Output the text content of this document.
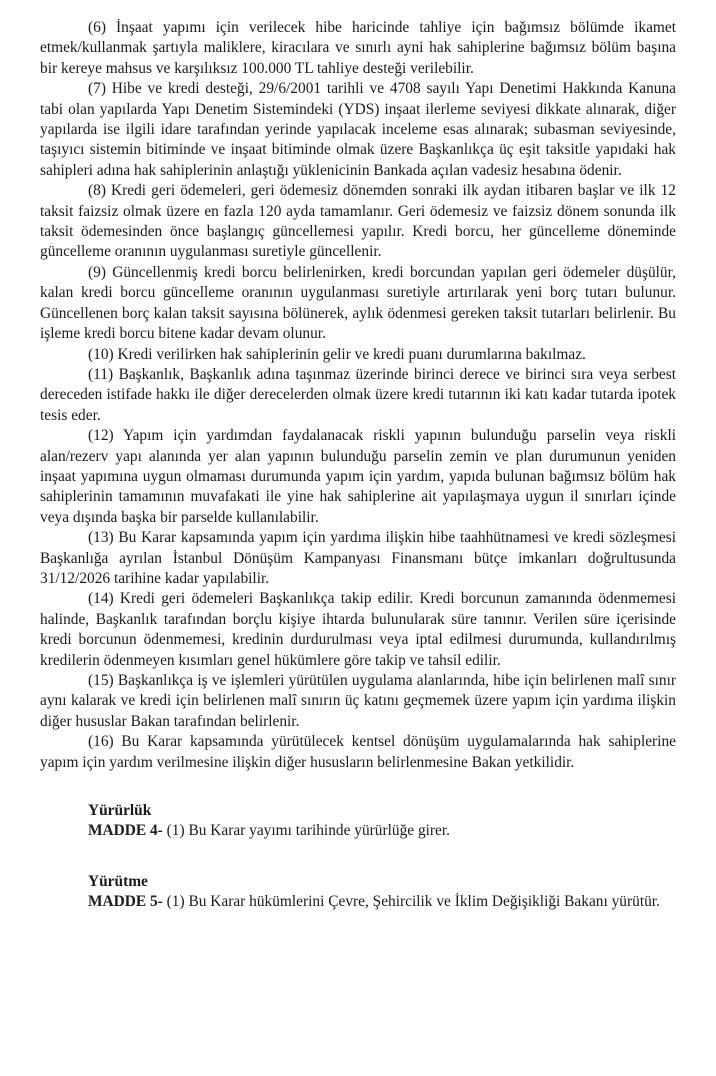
(6) İnşaat yapımı için verilecek hibe haricinde tahliye için bağımsız bölümde ikamet etmek/kullanmak şartıyla maliklere, kiracılara ve sınırlı ayni hak sahiplerine bağımsız bölüm başına bir kereye mahsus ve karşılıksız 100.000 TL tahliye desteği verilebilir.

(7) Hibe ve kredi desteği, 29/6/2001 tarihli ve 4708 sayılı Yapı Denetimi Hakkında Kanuna tabi olan yapılarda Yapı Denetim Sistemindeki (YDS) inşaat ilerleme seviyesi dikkate alınarak, diğer yapılarda ise ilgili idare tarafından yerinde yapılacak inceleme esas alınarak; subasman seviyesinde, taşıyıcı sistemin bitiminde ve inşaat bitiminde olmak üzere Başkanlıkça üç eşit taksitle yapıdaki hak sahipleri adına hak sahiplerinin anlaştığı yüklenicinin Bankada açılan vadesiz hesabına ödenir.

(8) Kredi geri ödemeleri, geri ödemesiz dönemden sonraki ilk aydan itibaren başlar ve ilk 12 taksit faizsiz olmak üzere en fazla 120 ayda tamamlanır. Geri ödemesiz ve faizsiz dönem sonunda ilk taksit ödemesinden önce başlangıç güncellemesi yapılır. Kredi borcu, her güncelleme döneminde güncelleme oranının uygulanması suretiyle güncellenir.

(9) Güncellenmiş kredi borcu belirlenirken, kredi borcundan yapılan geri ödemeler düşülür, kalan kredi borcu güncelleme oranının uygulanması suretiyle artırılarak yeni borç tutarı bulunur. Güncellenen borç kalan taksit sayısına bölünerek, aylık ödenmesi gereken taksit tutarları belirlenir. Bu işleme kredi borcu bitene kadar devam olunur.

(10) Kredi verilirken hak sahiplerinin gelir ve kredi puanı durumlarına bakılmaz.

(11) Başkanlık, Başkanlık adına taşınmaz üzerinde birinci derece ve birinci sıra veya serbest dereceden istifade hakkı ile diğer derecelerden olmak üzere kredi tutarının iki katı kadar tutarda ipotek tesis eder.

(12) Yapım için yardımdan faydalanacak riskli yapının bulunduğu parselin veya riskli alan/rezerv yapı alanında yer alan yapının bulunduğu parselin zemin ve plan durumunun yeniden inşaat yapımına uygun olmaması durumunda yapım için yardım, yapıda bulunan bağımsız bölüm hak sahiplerinin tamamının muvafakati ile yine hak sahiplerine ait yapılaşmaya uygun il sınırları içinde veya dışında başka bir parselde kullanılabilir.

(13) Bu Karar kapsamında yapım için yardıma ilişkin hibe taahhütnamesi ve kredi sözleşmesi Başkanlığa ayrılan İstanbul Dönüşüm Kampanyası Finansmanı bütçe imkanları doğrultusunda 31/12/2026 tarihine kadar yapılabilir.

(14) Kredi geri ödemeleri Başkanlıkça takip edilir. Kredi borcunun zamanında ödenmemesi halinde, Başkanlık tarafından borçlu kişiye ihtarda bulunularak süre tanınır. Verilen süre içerisinde kredi borcunun ödenmemesi, kredinin durdurulması veya iptal edilmesi durumunda, kullandırılmış kredilerin ödenmeyen kısımları genel hükümlere göre takip ve tahsil edilir.

(15) Başkanlıkça iş ve işlemleri yürütülen uygulama alanlarında, hibe için belirlenen malî sınır aynı kalarak ve kredi için belirlenen malî sınırın üç katını geçmemek üzere yapım için yardıma ilişkin diğer hususlar Bakan tarafından belirlenir.

(16) Bu Karar kapsamında yürütülecek kentsel dönüşüm uygulamalarında hak sahiplerine yapım için yardım verilmesine ilişkin diğer hususların belirlenmesine Bakan yetkilidir.

Yürürlük

MADDE 4- (1) Bu Karar yayımı tarihinde yürürlüğe girer.

Yürütme

MADDE 5- (1) Bu Karar hükümlerini Çevre, Şehircilik ve İklim Değişikliği Bakanı yürütür.
